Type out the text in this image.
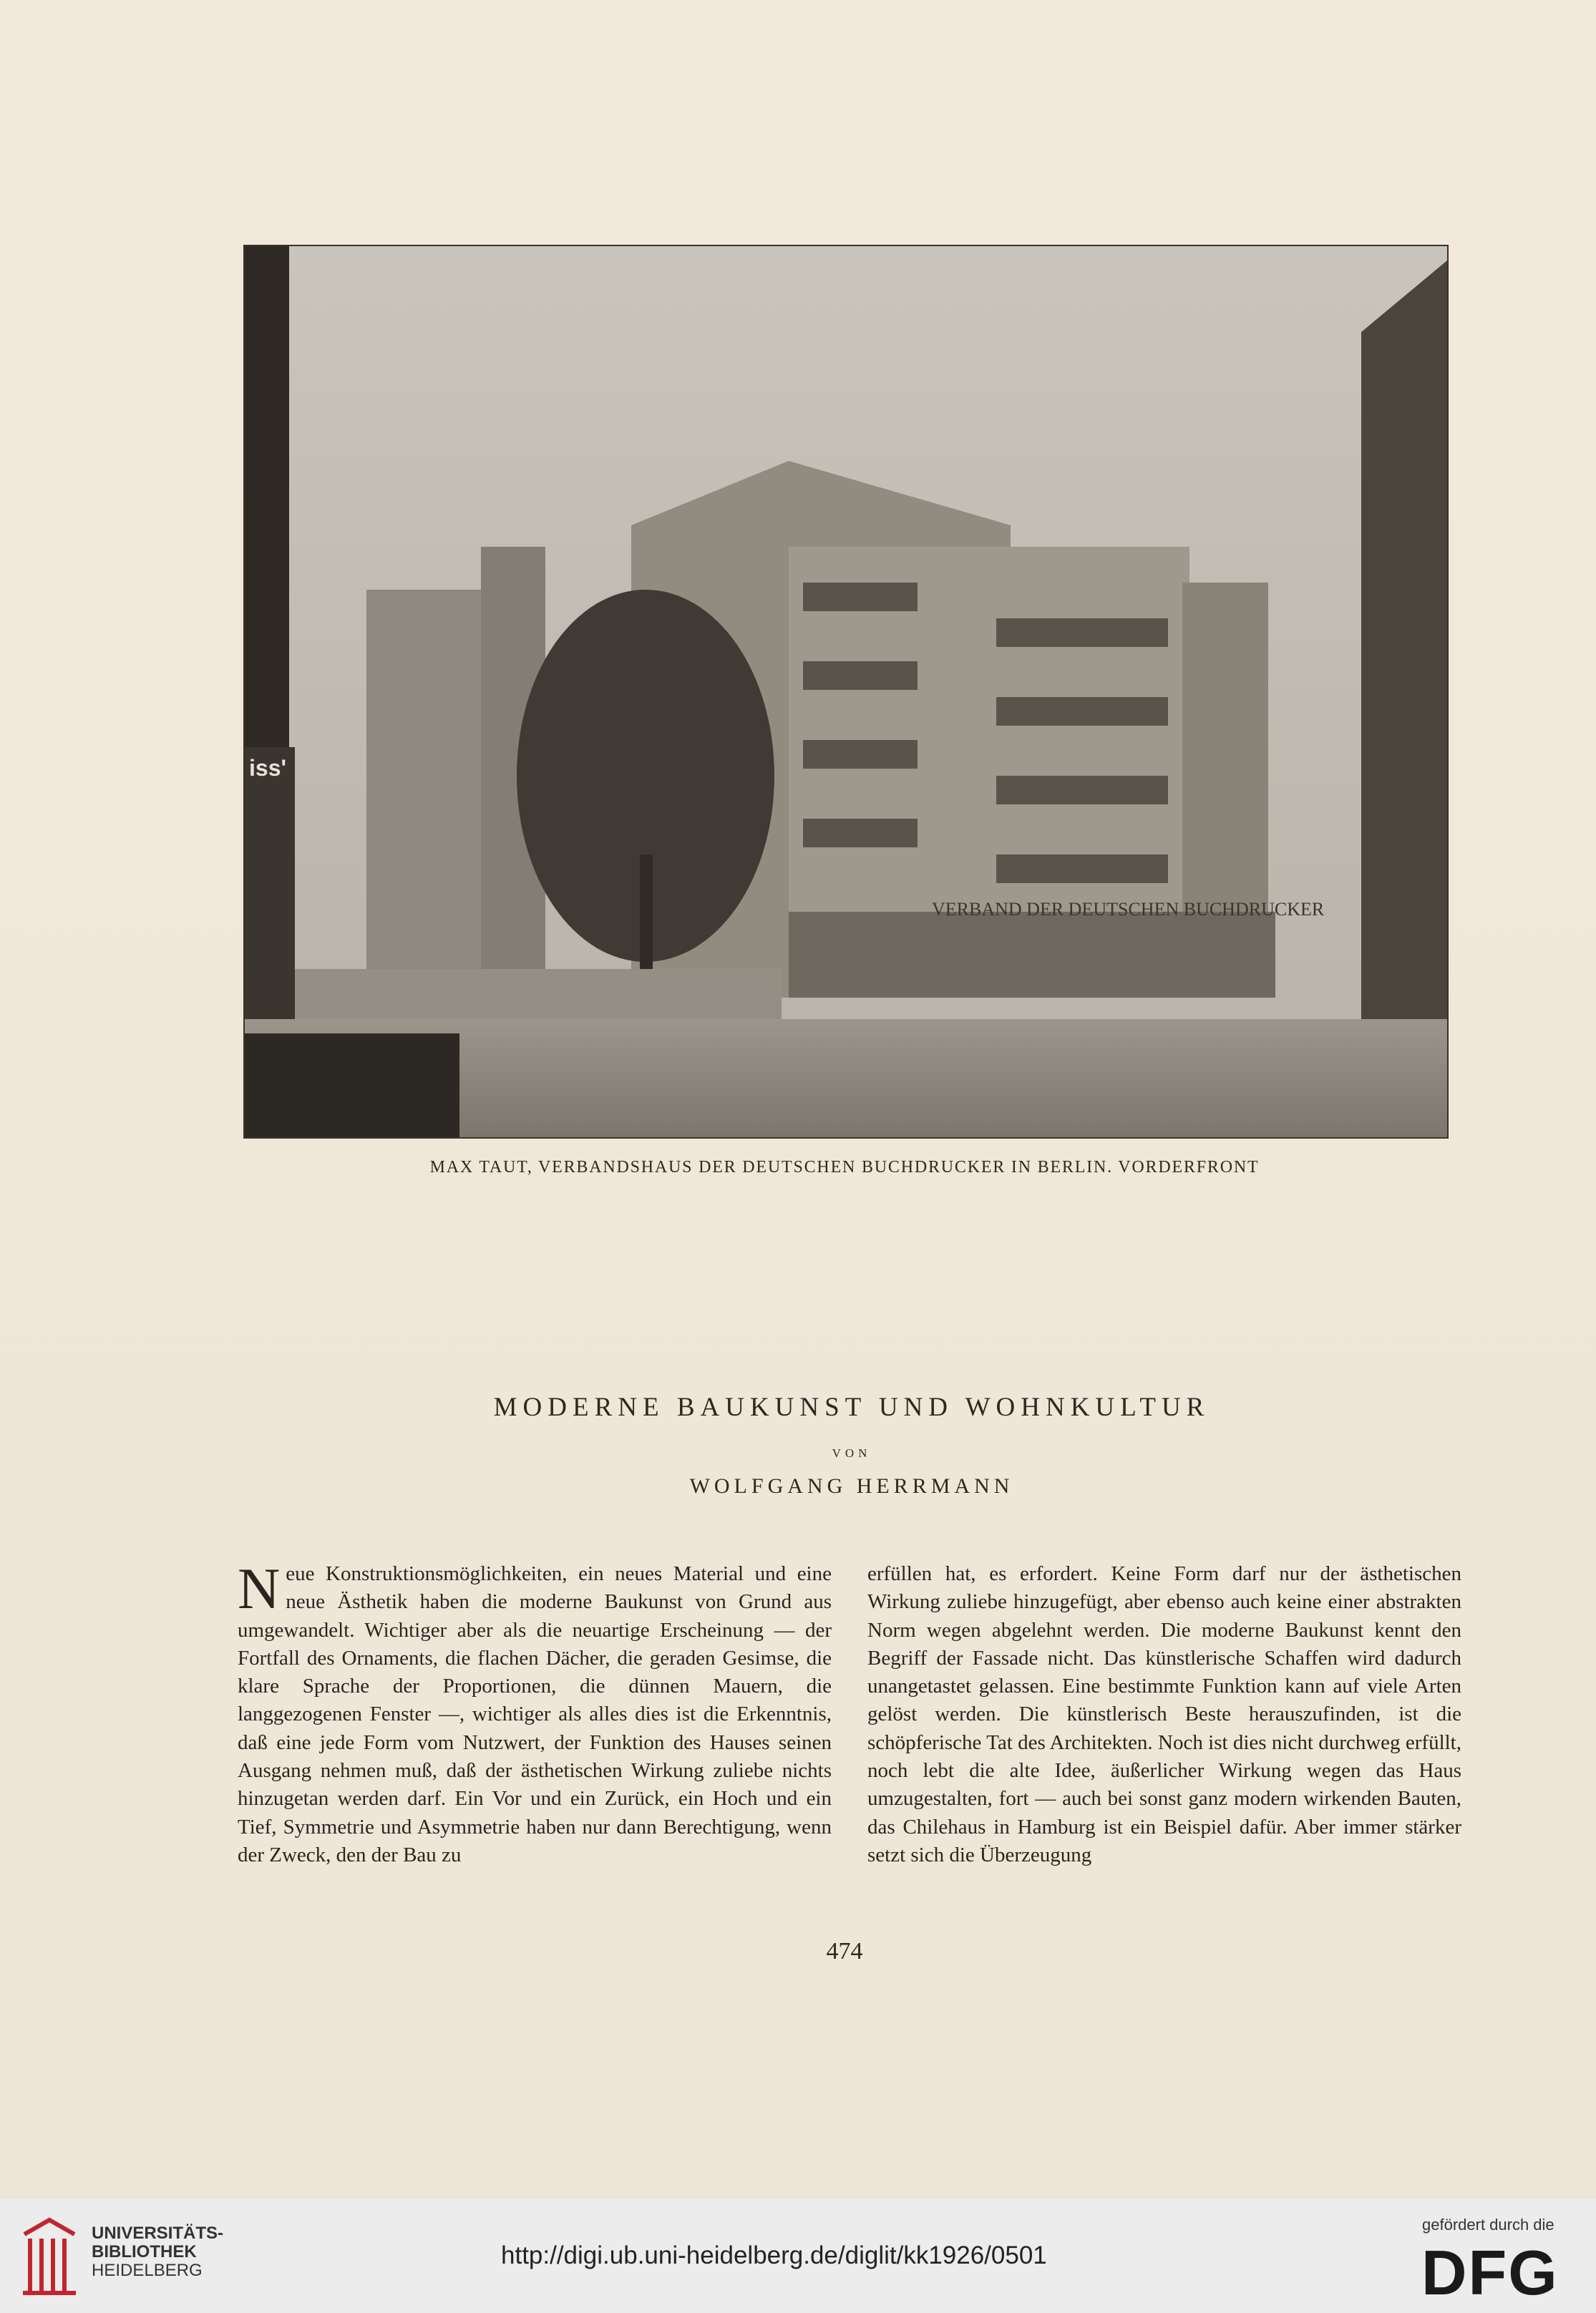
VERBAND DER DEUTSCHEN BUCHDRUCKER
iss'
MAX TAUT, VERBANDSHAUS DER DEUTSCHEN BUCHDRUCKER IN BERLIN. VORDERFRONT
MODERNE BAUKUNST UND WOHNKULTUR
VON
WOLFGANG HERRMANN
N eue Konstruktionsmöglichkeiten, ein neues Material und eine neue Ästhetik haben die moderne Baukunst von Grund aus umgewandelt. Wichtiger aber als die neuartige Erscheinung — der Fortfall des Ornaments, die flachen Dächer, die geraden Gesimse, die klare Sprache der Proportionen, die dünnen Mauern, die langgezogenen Fenster —, wichtiger als alles dies ist die Erkenntnis, daß eine jede Form vom Nutzwert, der Funktion des Hauses seinen Ausgang nehmen muß, daß der ästhetischen Wirkung zuliebe nichts hinzugetan werden darf. Ein Vor und ein Zurück, ein Hoch und ein Tief, Symmetrie und Asymmetrie haben nur dann Berechtigung, wenn der Zweck, den der Bau zu

erfüllen hat, es erfordert. Keine Form darf nur der ästhetischen Wirkung zuliebe hinzugefügt, aber ebenso auch keine einer abstrakten Norm wegen abgelehnt werden. Die moderne Baukunst kennt den Begriff der Fassade nicht. Das künstlerische Schaffen wird dadurch unangetastet gelassen. Eine bestimmte Funktion kann auf viele Arten gelöst werden. Die künstlerisch Beste herauszufinden, ist die schöpferische Tat des Architekten. Noch ist dies nicht durchweg erfüllt, noch lebt die alte Idee, äußerlicher Wirkung wegen das Haus umzugestalten, fort — auch bei sonst ganz modern wirkenden Bauten, das Chilehaus in Hamburg ist ein Beispiel dafür. Aber immer stärker setzt sich die Überzeugung

474
UNIVERSITÄTS-
BIBLIOTHEK
HEIDELBERG
http://digi.ub.uni-heidelberg.de/diglit/kk1926/0501
gefördert durch die
DFG
